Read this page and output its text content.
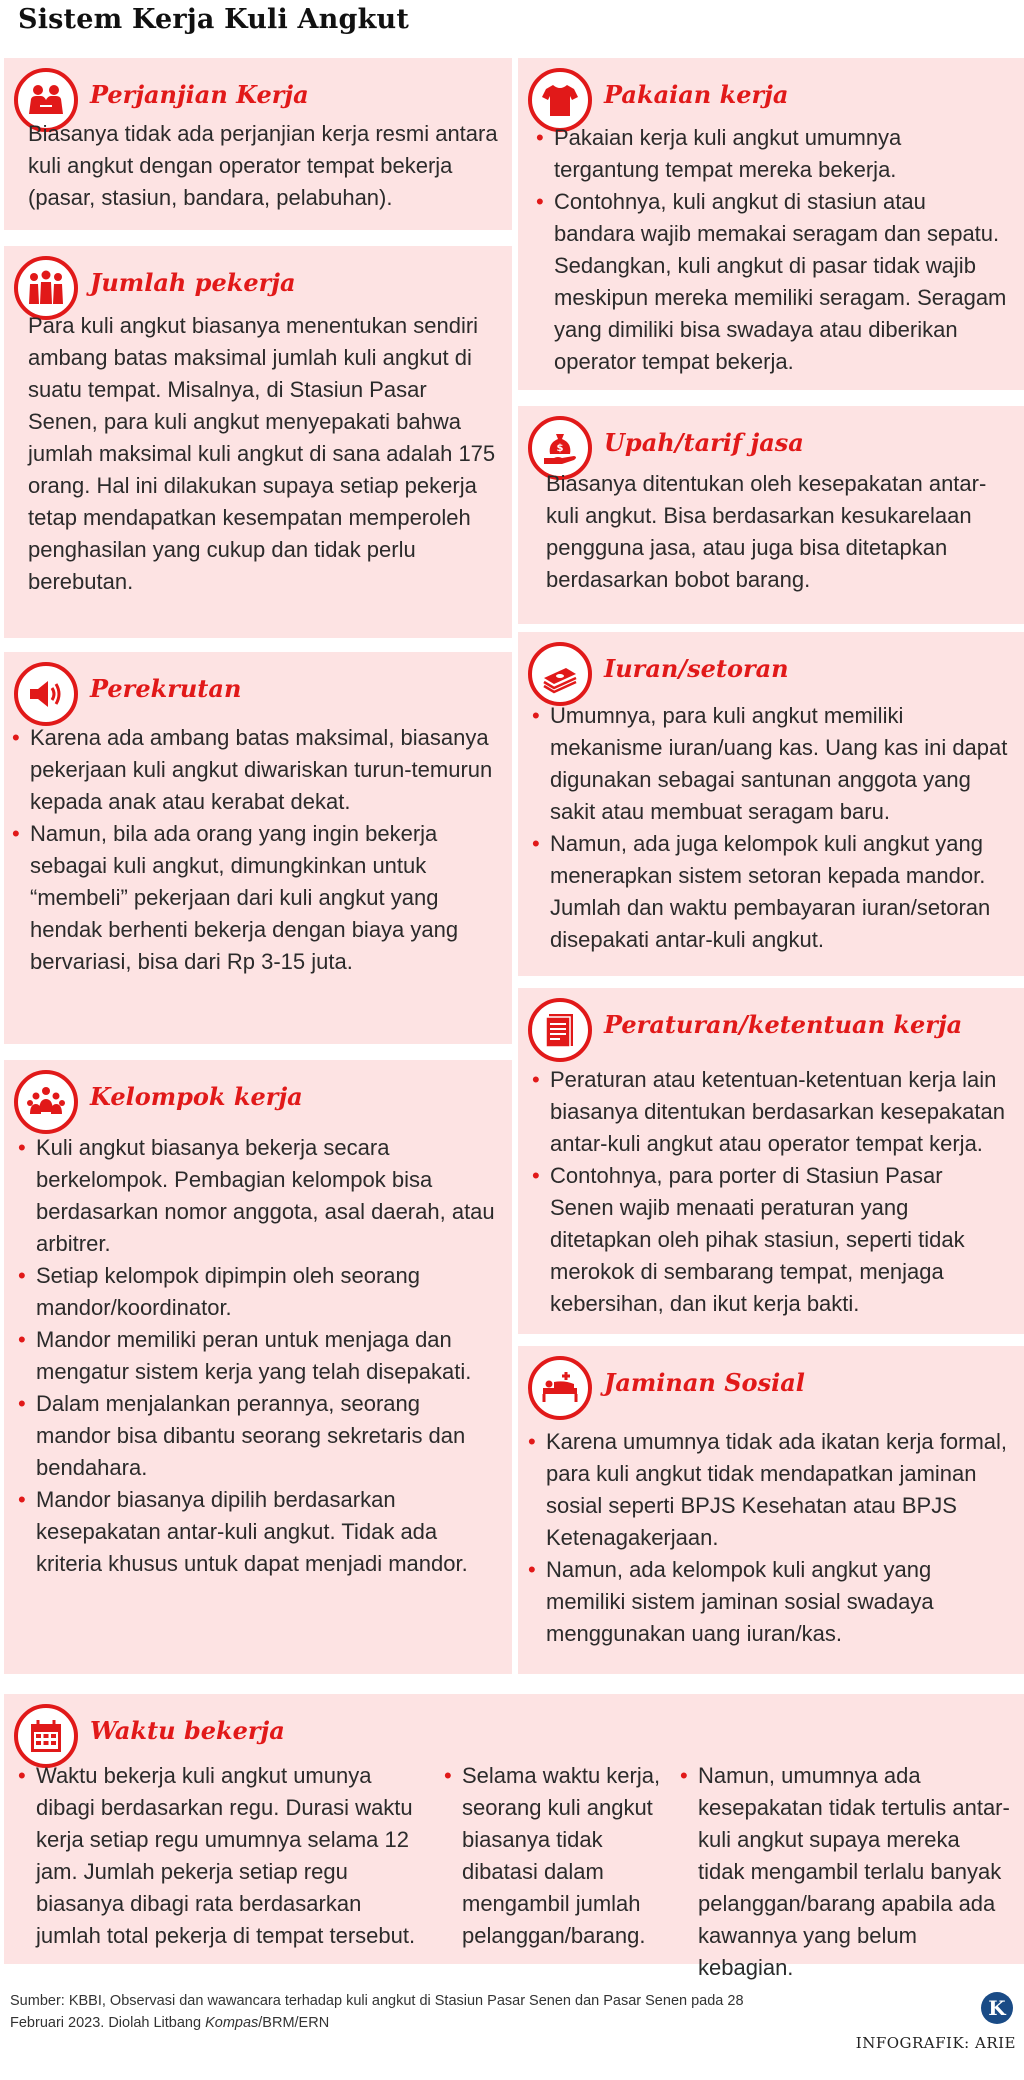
Sistem Kerja Kuli Angkut
Perjanjian Kerja
Biasanya tidak ada perjanjian kerja resmi antara kuli angkut dengan operator tempat bekerja (pasar, stasiun, bandara, pelabuhan).
Jumlah pekerja
Para kuli angkut biasanya menentukan sendiri ambang batas maksimal jumlah kuli angkut di suatu tempat. Misalnya, di Stasiun Pasar Senen, para kuli angkut menyepakati bahwa jumlah maksimal kuli angkut di sana adalah 175 orang. Hal ini dilakukan supaya setiap pekerja tetap mendapatkan kesempatan memperoleh penghasilan yang cukup dan tidak perlu berebutan.
Perekrutan
• Karena ada ambang batas maksimal, biasanya pekerjaan kuli angkut diwariskan turun-temurun kepada anak atau kerabat dekat.
• Namun, bila ada orang yang ingin bekerja sebagai kuli angkut, dimungkinkan untuk “membeli” pekerjaan dari kuli angkut yang hendak berhenti bekerja dengan biaya yang bervariasi, bisa dari Rp 3-15 juta.
Kelompok kerja
• Kuli angkut biasanya bekerja secara berkelompok. Pembagian kelompok bisa berdasarkan nomor anggota, asal daerah, atau arbitrer.
• Setiap kelompok dipimpin oleh seorang mandor/koordinator.
• Mandor memiliki peran untuk menjaga dan mengatur sistem kerja yang telah disepakati.
• Dalam menjalankan perannya, seorang mandor bisa dibantu seorang sekretaris dan bendahara.
• Mandor biasanya dipilih berdasarkan kesepakatan antar-kuli angkut. Tidak ada kriteria khusus untuk dapat menjadi mandor.
Pakaian kerja
• Pakaian kerja kuli angkut umumnya tergantung tempat mereka bekerja.
• Contohnya, kuli angkut di stasiun atau bandara wajib memakai seragam dan sepatu. Sedangkan, kuli angkut di pasar tidak wajib meskipun mereka memiliki seragam. Seragam yang dimiliki bisa swadaya atau diberikan operator tempat bekerja.
$ Upah/tarif jasa
Biasanya ditentukan oleh kesepakatan antar-kuli angkut. Bisa berdasarkan kesukarelaan pengguna jasa, atau juga bisa ditetapkan berdasarkan bobot barang.
Iuran/setoran
• Umumnya, para kuli angkut memiliki mekanisme iuran/uang kas. Uang kas ini dapat digunakan sebagai santunan anggota yang sakit atau membuat seragam baru.
• Namun, ada juga kelompok kuli angkut yang menerapkan sistem setoran kepada mandor. Jumlah dan waktu pembayaran iuran/setoran disepakati antar-kuli angkut.
Peraturan/ketentuan kerja
• Peraturan atau ketentuan-ketentuan kerja lain biasanya ditentukan berdasarkan kesepakatan antar-kuli angkut atau operator tempat kerja.
• Contohnya, para porter di Stasiun Pasar Senen wajib menaati peraturan yang ditetapkan oleh pihak stasiun, seperti tidak merokok di sembarang tempat, menjaga kebersihan, dan ikut kerja bakti.
Jaminan Sosial
• Karena umumnya tidak ada ikatan kerja formal, para kuli angkut tidak mendapatkan jaminan sosial seperti BPJS Kesehatan atau BPJS Ketenagakerjaan.
• Namun, ada kelompok kuli angkut yang memiliki sistem jaminan sosial swadaya menggunakan uang iuran/kas.
Waktu bekerja
• Waktu bekerja kuli angkut umunya dibagi berdasarkan regu. Durasi waktu kerja setiap regu umumnya selama 12 jam. Jumlah pekerja setiap regu biasanya dibagi rata berdasarkan jumlah total pekerja di tempat tersebut.
• Selama waktu kerja, seorang kuli angkut biasanya tidak dibatasi dalam mengambil jumlah pelanggan/barang.
• Namun, umumnya ada kesepakatan tidak tertulis antar- kuli angkut supaya mereka tidak mengambil terlalu banyak pelanggan/barang apabila ada kawannya yang belum kebagian.
Sumber: KBBI, Observasi dan wawancara terhadap kuli angkut di Stasiun Pasar Senen dan Pasar Senen pada 28 Februari 2023. Diolah Litbang Kompas/BRM/ERN
K
INFOGRAFIK: ARIE
